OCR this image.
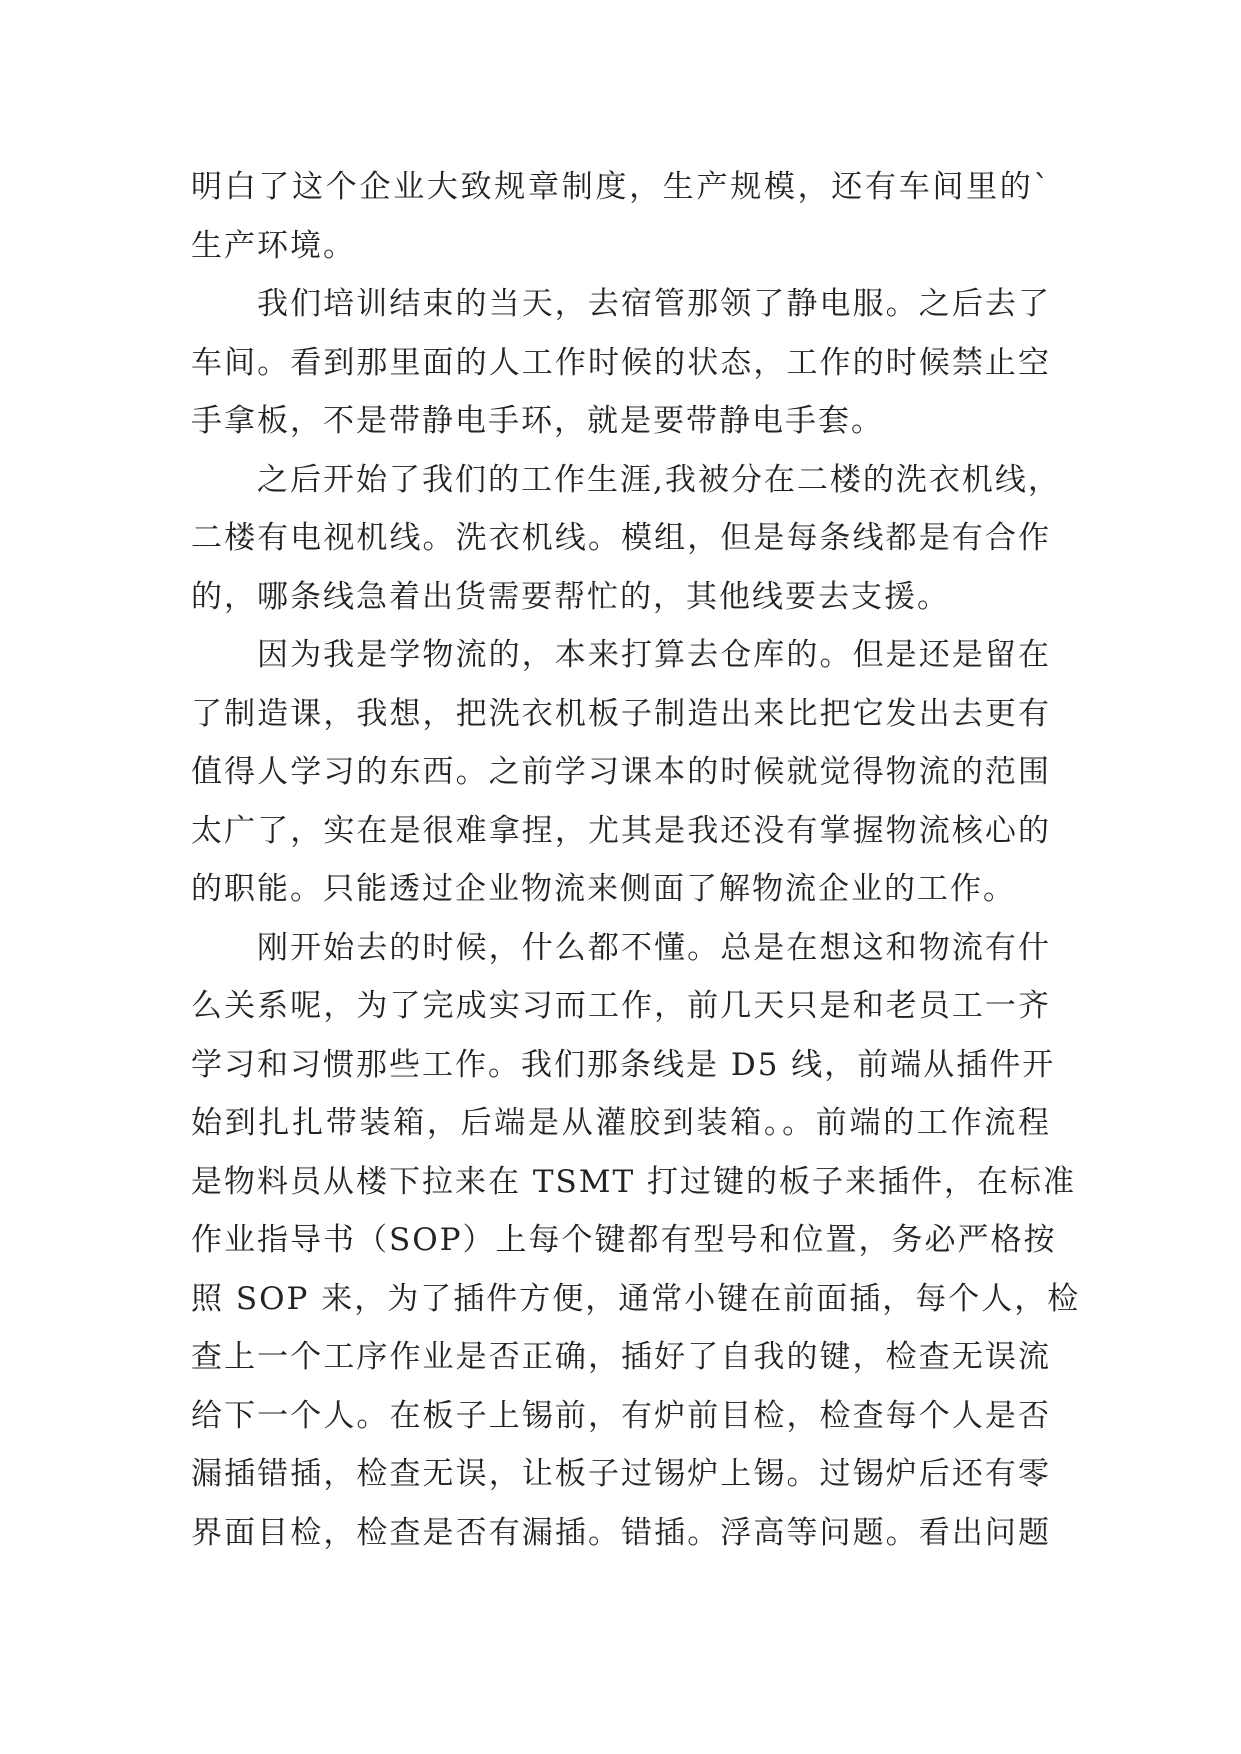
明白了这个企业大致规章制度，生产规模，还有车间里的`
生产环境。
我们培训结束的当天，去宿管那领了静电服。之后去了
车间。看到那里面的人工作时候的状态，工作的时候禁止空
手拿板，不是带静电手环，就是要带静电手套。
之后开始了我们的工作生涯,我被分在二楼的洗衣机线，
二楼有电视机线。洗衣机线。模组，但是每条线都是有合作
的，哪条线急着出货需要帮忙的，其他线要去支援。
因为我是学物流的，本来打算去仓库的。但是还是留在
了制造课，我想，把洗衣机板子制造出来比把它发出去更有
值得人学习的东西。之前学习课本的时候就觉得物流的范围
太广了，实在是很难拿捏，尤其是我还没有掌握物流核心的
的职能。只能透过企业物流来侧面了解物流企业的工作。
刚开始去的时候，什么都不懂。总是在想这和物流有什
么关系呢，为了完成实习而工作，前几天只是和老员工一齐
学习和习惯那些工作。我们那条线是 D5 线，前端从插件开
始到扎扎带装箱，后端是从灌胶到装箱。。前端的工作流程
是物料员从楼下拉来在 TSMT 打过键的板子来插件，在标准
作业指导书（SOP）上每个键都有型号和位置，务必严格按
照 SOP 来，为了插件方便，通常小键在前面插，每个人，检
查上一个工序作业是否正确，插好了自我的键，检查无误流
给下一个人。在板子上锡前，有炉前目检，检查每个人是否
漏插错插，检查无误，让板子过锡炉上锡。过锡炉后还有零
界面目检，检查是否有漏插。错插。浮高等问题。看出问题
